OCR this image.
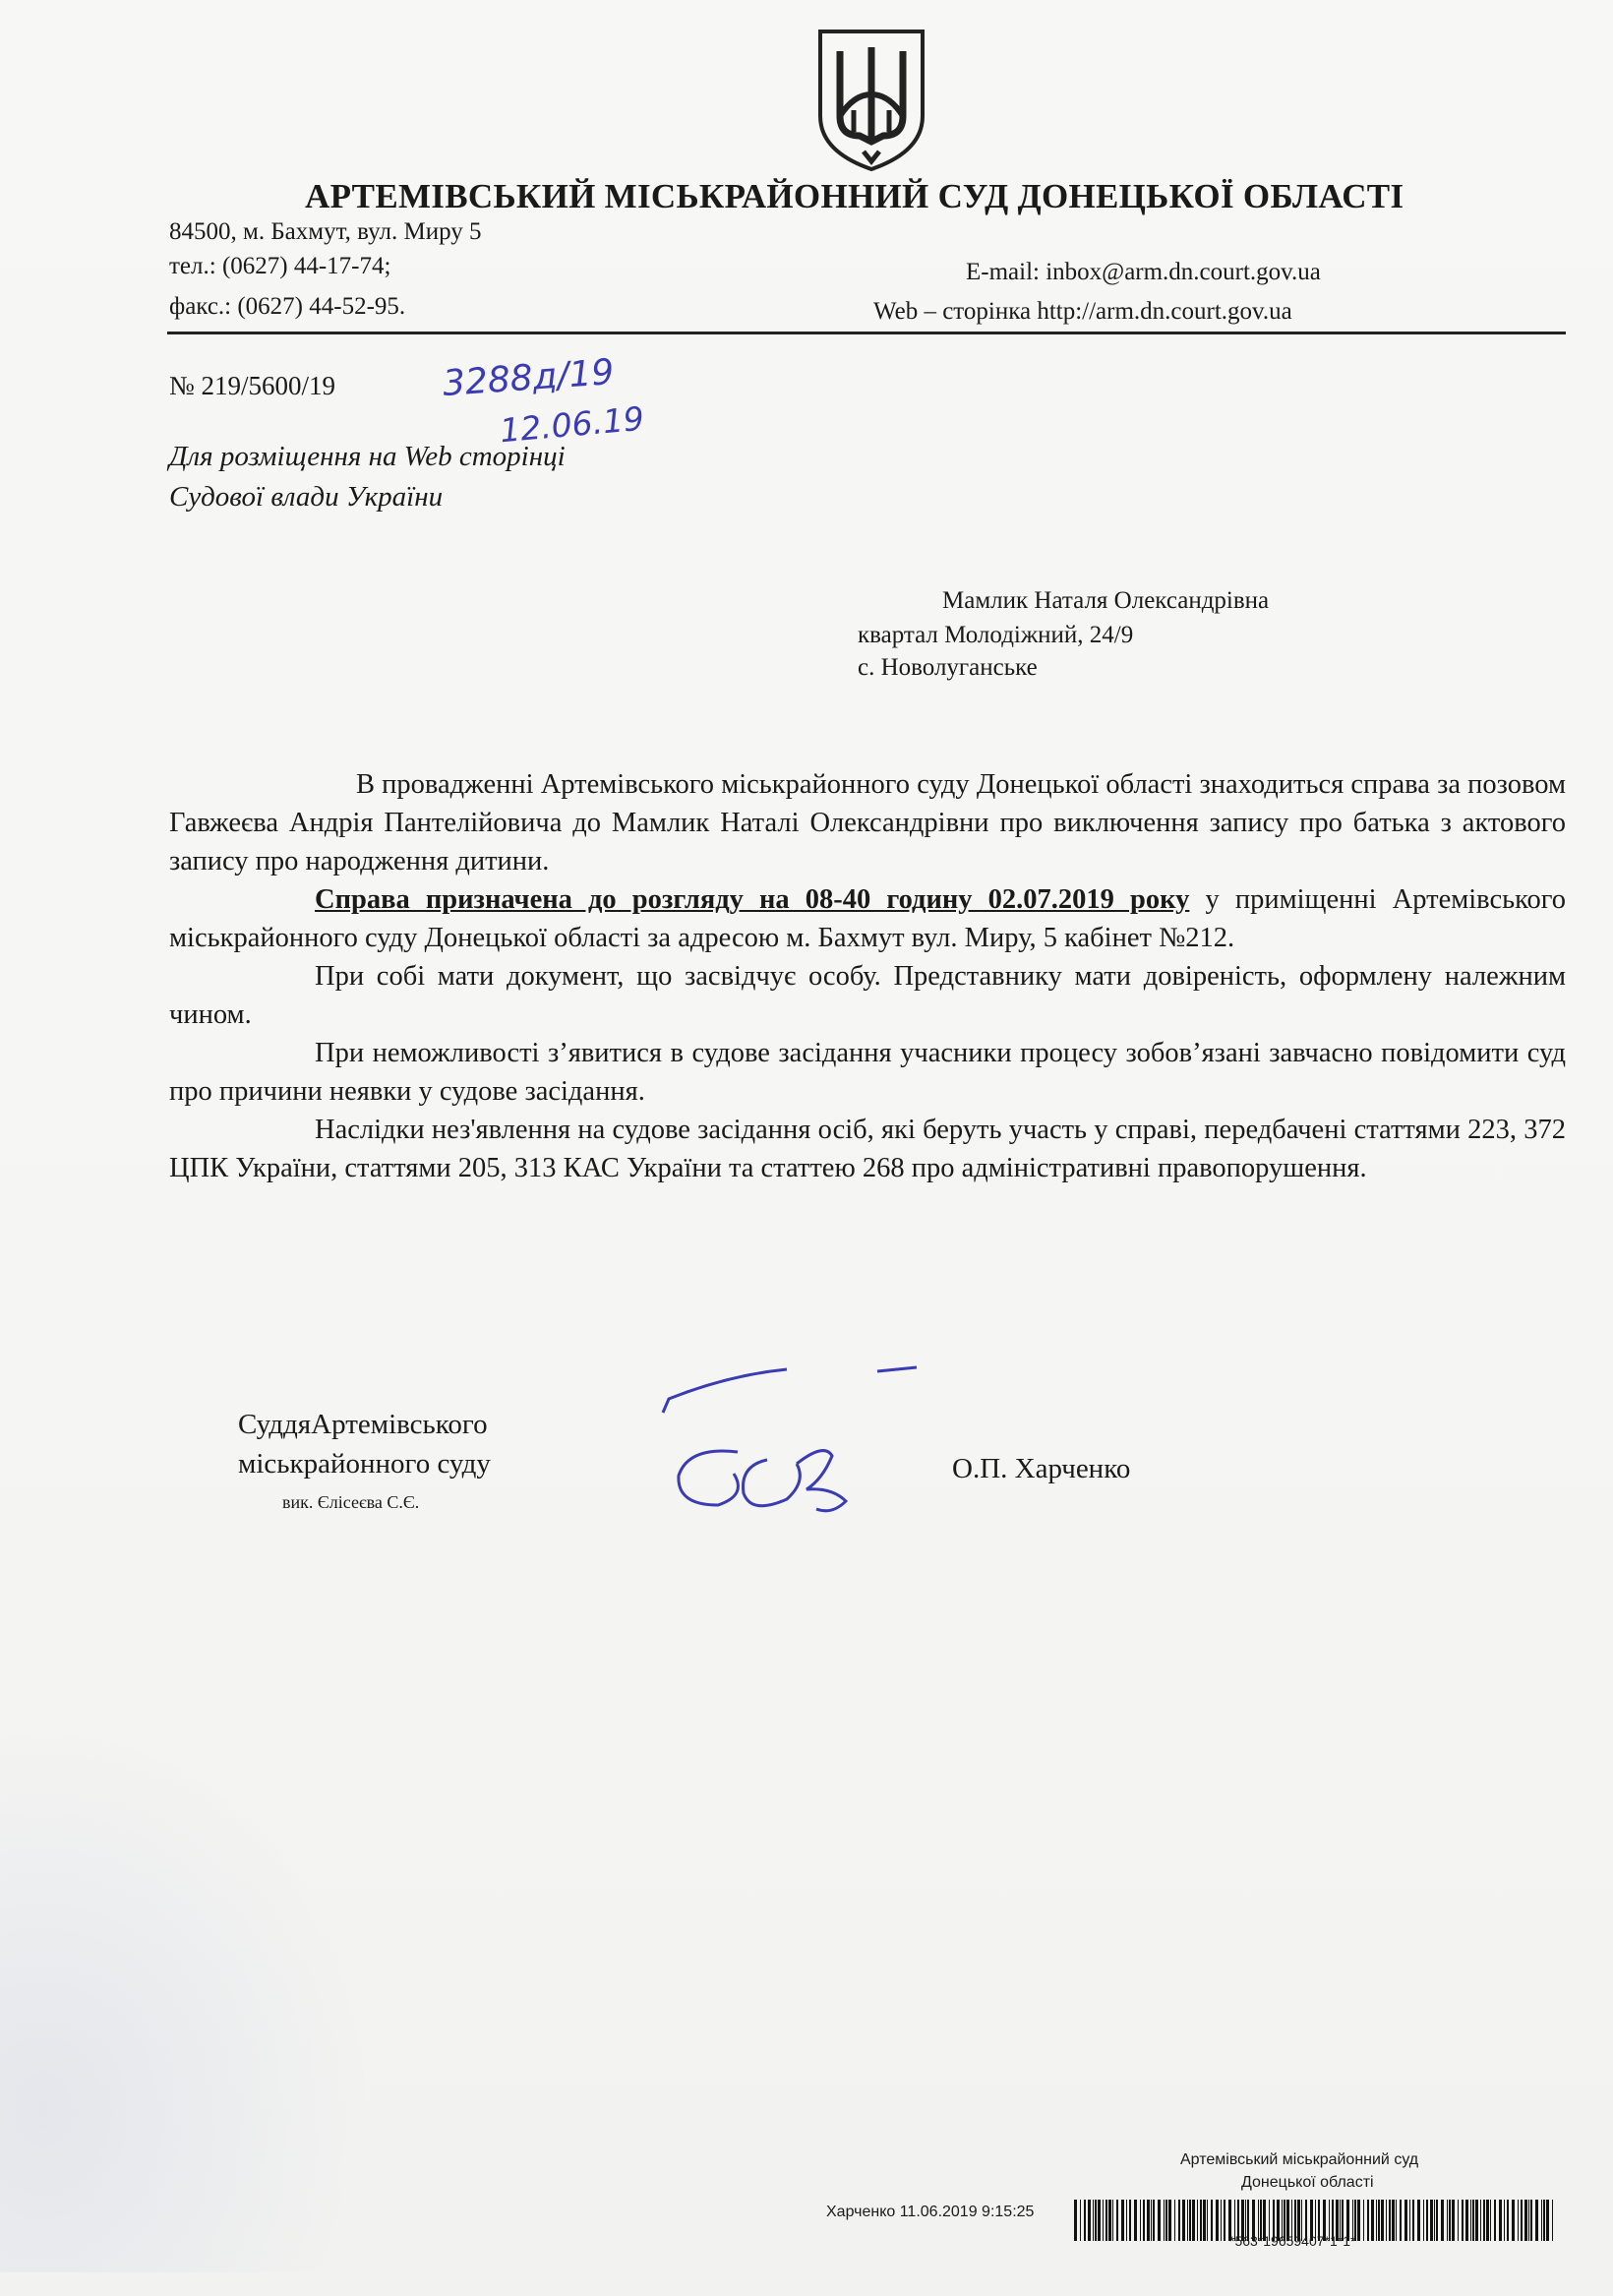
АРТЕМІВСЬКИЙ МІСЬКРАЙОННИЙ СУД ДОНЕЦЬКОЇ ОБЛАСТІ
84500, м. Бахмут, вул. Миру 5
тел.: (0627) 44-17-74;
факс.: (0627) 44-52-95.
E-mail: inbox@arm.dn.court.gov.ua
Web – сторінка http://arm.dn.court.gov.ua
№ 219/5600/19	3288д/19
12.06.19
Для розміщення на Web сторінці
Судової влади України
Мамлик Наталя Олександрівна
квартал Молодіжний, 24/9
с. Новолуганське

В провадженні Артемівського міськрайонного суду Донецької області знаходиться справа за позовом Гавжеєва Андрія Пантелійовича до Мамлик Наталі Олександрівни про виключення запису про батька з актового запису про народження дитини.

Справа призначена до розгляду на 08-40 годину 02.07.2019 року у приміщенні Артемівського міськрайонного суду Донецької області за адресою м. Бахмут вул. Миру, 5 кабінет №212.

При собі мати документ, що засвідчує особу. Представнику мати довіреність, оформлену належним чином.

При неможливості з’явитися в судове засідання учасники процесу зобов’язані завчасно повідомити суд про причини неявки у судове засідання.

Наслідки нез'явлення на судове засідання осіб, які беруть участь у справі, передбачені статтями 223, 372 ЦПК України, статтями 205, 313 КАС України та статтею 268 про адміністративні правопорушення.

СуддяАртемівського
міськрайонного суду
вик. Єлісеєва С.Є.
О.П. Харченко
Артемівський міськрайонний суд
Донецької області
Харченко 11.06.2019 9:15:25
*563*19659407*1*1*
